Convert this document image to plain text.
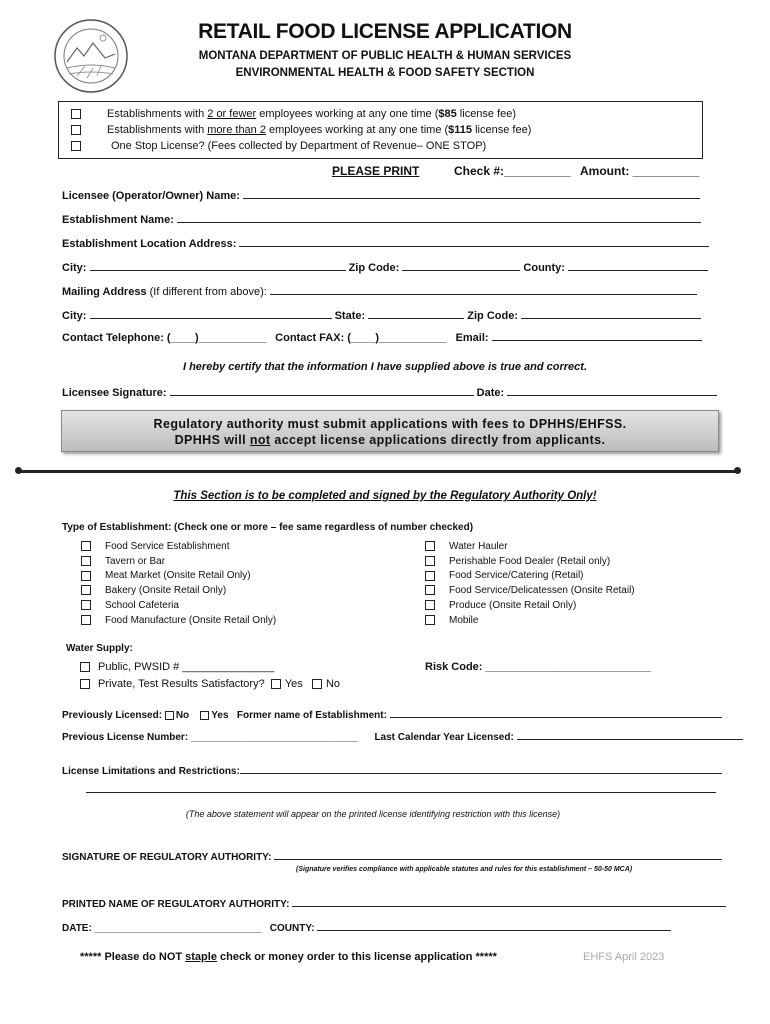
RETAIL FOOD LICENSE APPLICATION
MONTANA DEPARTMENT OF PUBLIC HEALTH & HUMAN SERVICES
ENVIRONMENTAL HEALTH & FOOD SAFETY SECTION
Establishments with 2 or fewer employees working at any one time ($85 license fee)
Establishments with more than 2 employees working at any one time ($115 license fee)
One Stop License? (Fees collected by Department of Revenue– ONE STOP)
PLEASE PRINT	Check #:__________ Amount: __________
Licensee (Operator/Owner) Name:
Establishment Name:
Establishment Location Address:
City:	Zip Code:	County:
Mailing Address (If different from above):
City:	State:	Zip Code:
Contact Telephone: (____)___________ Contact FAX: (____)___________ Email:
I hereby certify that the information I have supplied above is true and correct.
Licensee Signature:	Date:
Regulatory authority must submit applications with fees to DPHHS/EHFSS.
DPHHS will not accept license applications directly from applicants.
This Section is to be completed and signed by the Regulatory Authority Only!
Type of Establishment: (Check one or more – fee same regardless of number checked)
Food Service Establishment
Tavern or Bar
Meat Market (Onsite Retail Only)
Bakery (Onsite Retail Only)
School Cafeteria
Food Manufacture (Onsite Retail Only)
Water Hauler
Perishable Food Dealer (Retail only)
Food Service/Catering (Retail)
Food Service/Delicatessen (Onsite Retail)
Produce (Onsite Retail Only)
Mobile
Water Supply:
Public, PWSID # _______________
Private, Test Results Satisfactory? Yes No
Risk Code: ___________________________
Previously Licensed: No Yes Former name of Establishment:
Previous License Number: ______________________________ Last Calendar Year Licensed:
License Limitations and Restrictions:
(The above statement will appear on the printed license identifying restriction with this license)
SIGNATURE OF REGULATORY AUTHORITY:
(Signature verifies compliance with applicable statutes and rules for this establishment – 50-50 MCA)
PRINTED NAME OF REGULATORY AUTHORITY:
DATE: ______________________________ COUNTY:
***** Please do NOT staple check or money order to this license application *****	EHFS April 2023
